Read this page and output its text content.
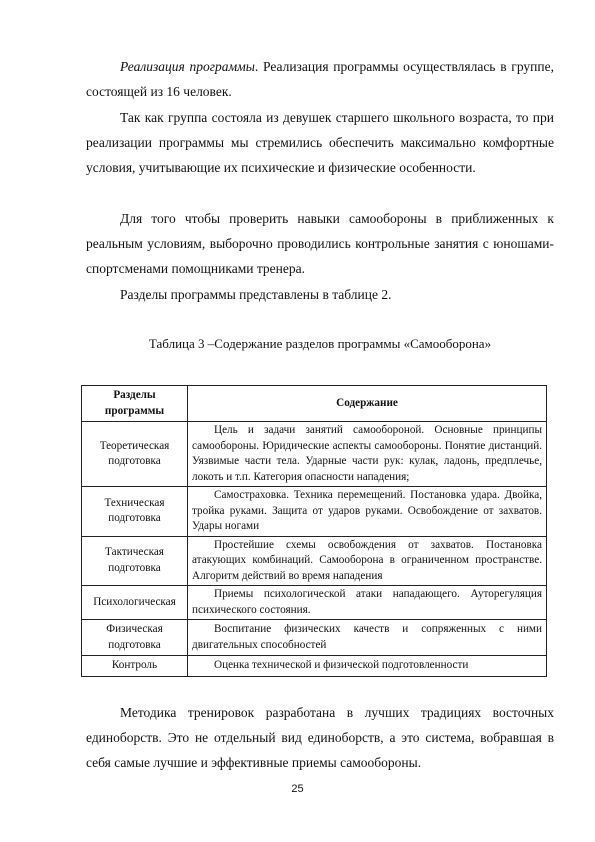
Реализация программы. Реализация программы осуществлялась в группе, состоящей из 16 человек.

Так как группа состояла из девушек старшего школьного возраста, то при реализации программы мы стремились обеспечить максимально комфортные условия, учитывающие их психические и физические особенности.

Для того чтобы проверить навыки самообороны в приближенных к реальным условиям, выборочно проводились контрольные занятия с юношами-спортсменами помощниками тренера.

Разделы программы представлены в таблице 2.

Таблица 3 –Содержание разделов программы «Самооборона»

Разделы программы	Содержание
Теоретическая подготовка	Цель и задачи занятий самообороной. Основные принципы самообороны. Юридические аспекты самообороны. Понятие дистанций. Уязвимые части тела. Ударные части рук: кулак, ладонь, предплечье, локоть и т.п. Категория опасности нападения;

Техническая подготовка	Самостраховка. Техника перемещений. Постановка удара. Двойка, тройка руками. Защита от ударов руками. Освобождение от захватов. Удары ногами

Тактическая подготовка	Простейшие схемы освобождения от захватов. Постановка атакующих комбинаций. Самооборона в ограниченном пространстве. Алгоритм действий во время нападения

Психологическая	Приемы психологической атаки нападающего. Ауторегуляция психического состояния.

Физическая подготовка	Воспитание физических качеств и сопряженных с ними двигательных способностей

Контроль	Оценка технической и физической подготовленности

Методика тренировок разработана в лучших традициях восточных единоборств. Это не отдельный вид единоборств, а это система, вобравшая в себя самые лучшие и эффективные приемы самообороны.

25
